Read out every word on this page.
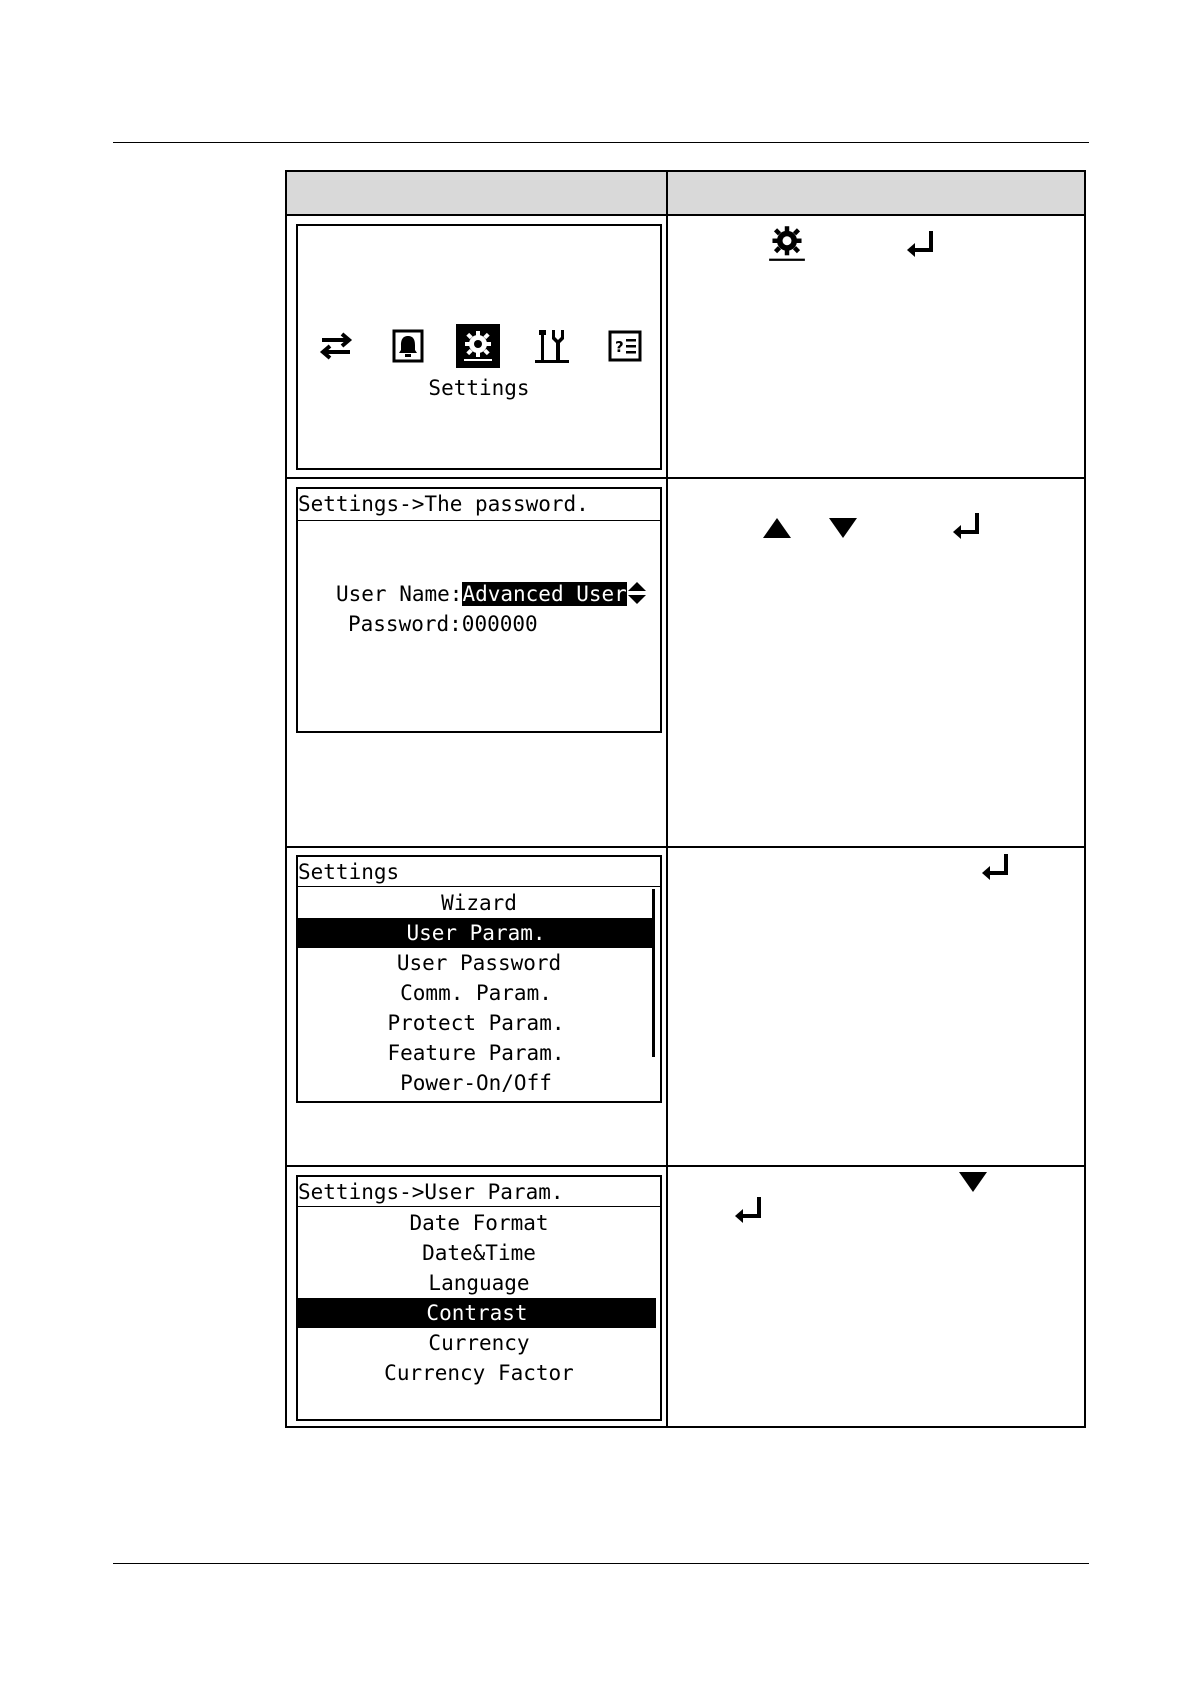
?
Settings
Settings->The password.
User Name:Advanced User
Password:000000
Settings
Wizard
User Param.
User Password
Comm. Param.
Protect Param.
Feature Param.
Power-On/Off
Settings->User Param.
Date Format
Date&Time
Language
Contrast
Currency
Currency Factor
